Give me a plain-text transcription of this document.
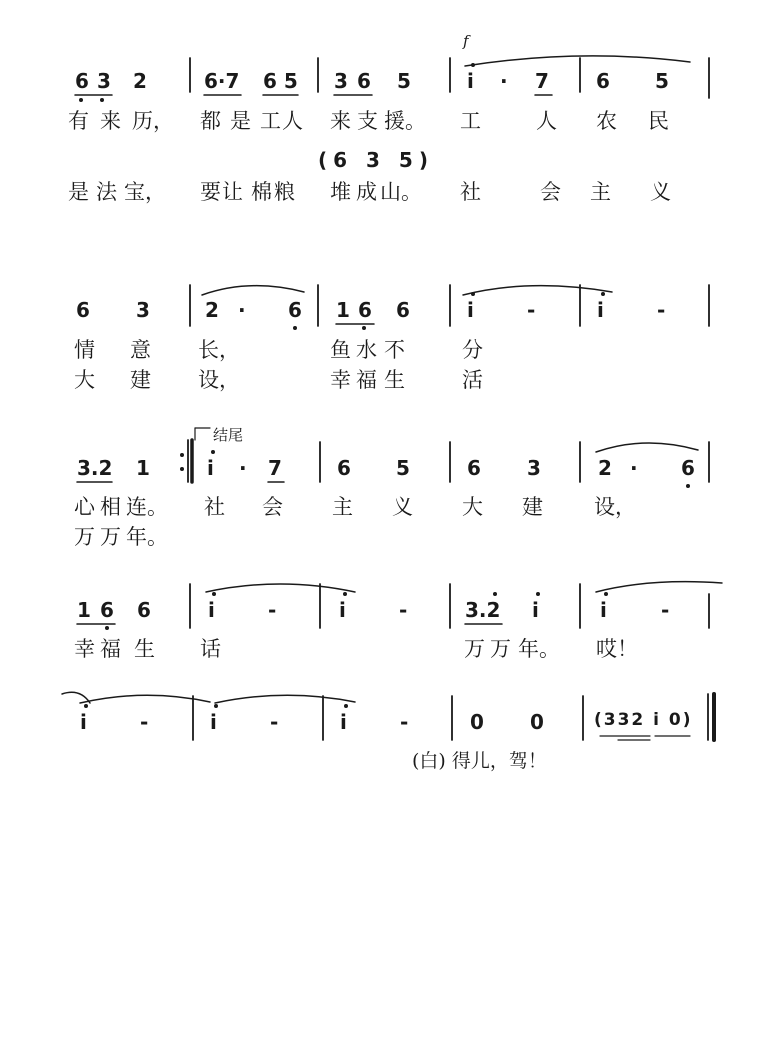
f
结尾
6 3 2	6·7 6 5 3 6 5	i · 7 6 5
有 来 历， 都 是 工 人 来 支 援。 工	人 农 民
(6 3 5)
是 法 宝， 要 让 棉 粮 堆 成 山。 社	会 主 义
6 3	2 · 6 1 6 6	i	-	i	-
情 意 长，	鱼 水 不	分
大 建 设，	幸 福 生	活
3.2 1	i · 7	6 5	6 3	2 · 6
心 相 连。 社 会 主 义 大 建 设，
万 万 年。
1 6 6	i	-	i	-	3.2 i	i	-
幸 福 生 话	万 万 年。 哎！
i	-	i	-	i	-	0 0	(332 i 0)
(白) 得儿，驾！
